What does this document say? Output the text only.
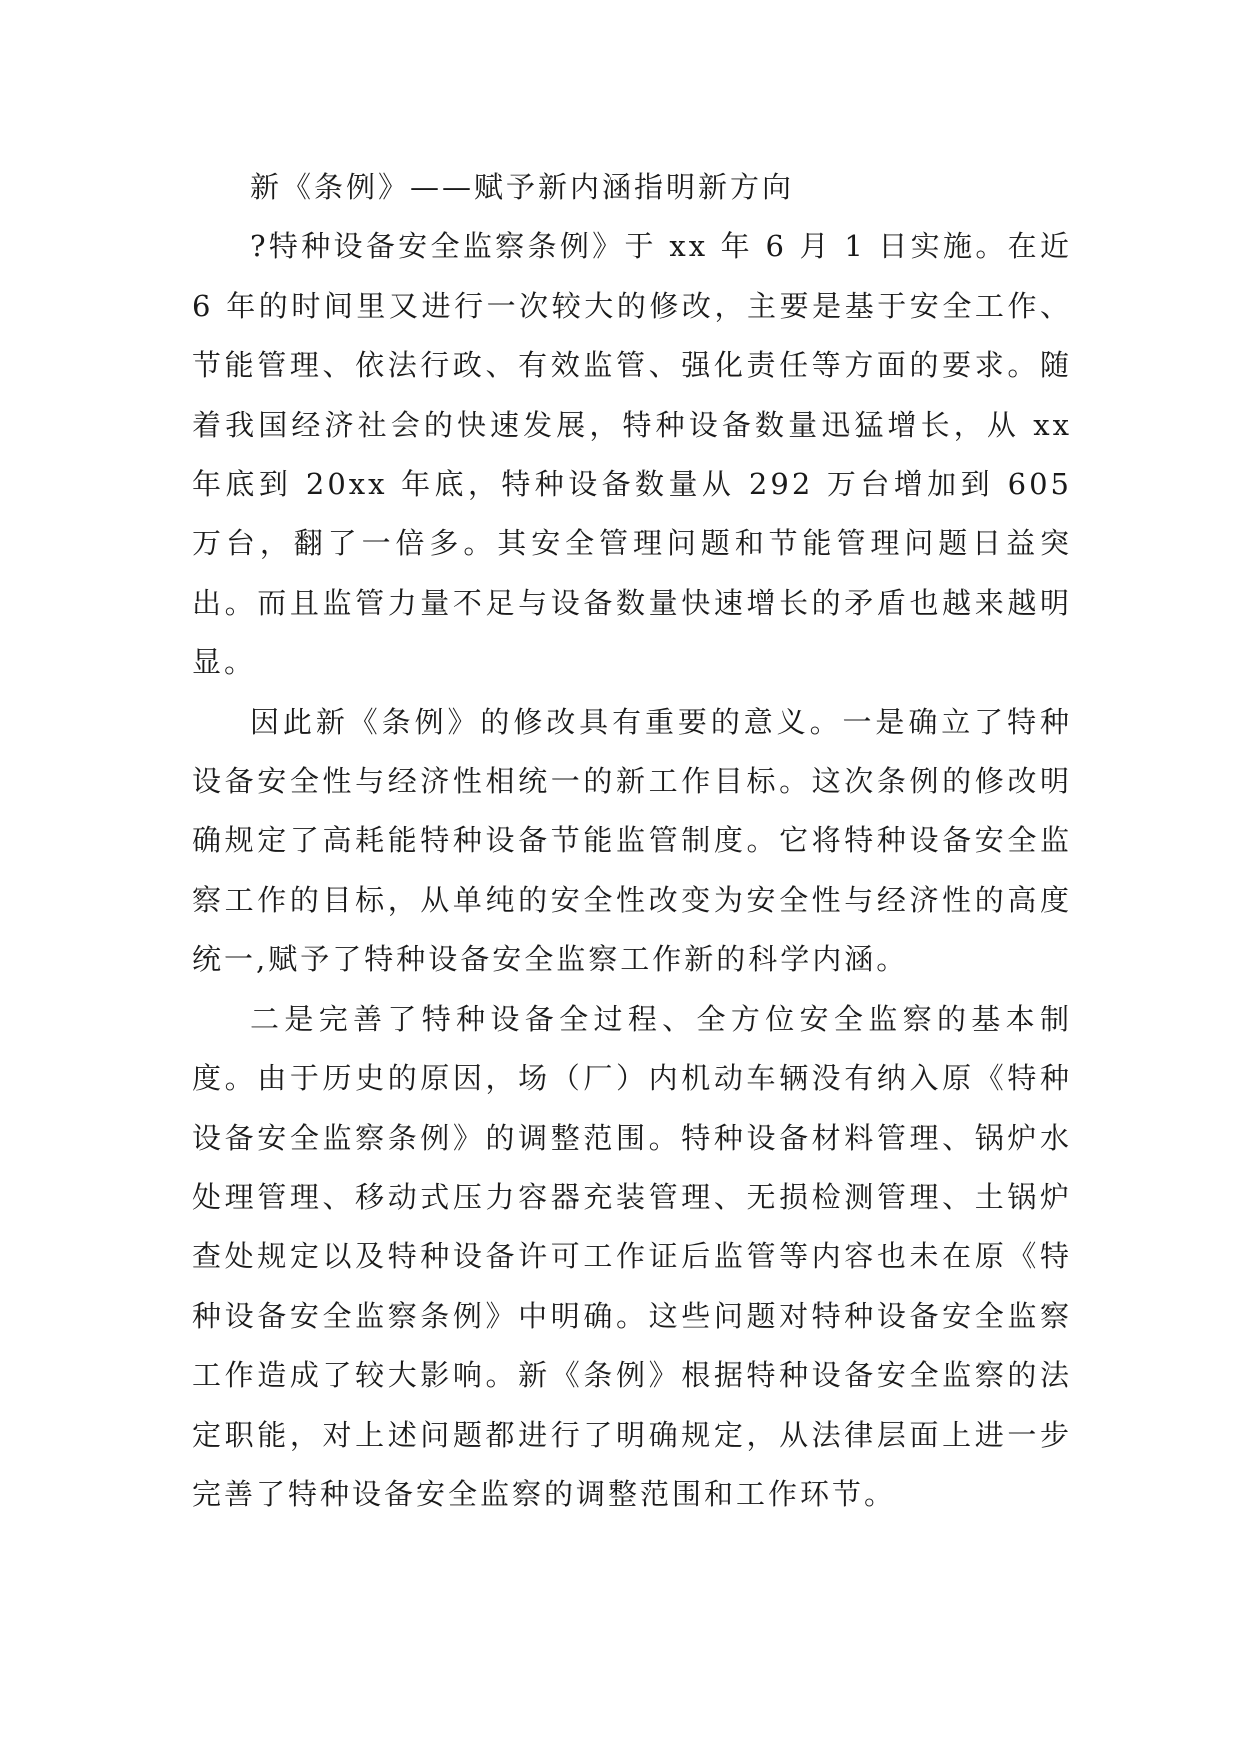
新《条例》——赋予新内涵指明新方向

?特种设备安全监察条例》于 xx 年 6 月 1 日实施。在近 6 年的时间里又进行一次较大的修改，主要是基于安全工作、节能管理、依法行政、有效监管、强化责任等方面的要求。随着我国经济社会的快速发展，特种设备数量迅猛增长，从 xx 年底到 20xx 年底，特种设备数量从 292 万台增加到 605 万台，翻了一倍多。其安全管理问题和节能管理问题日益突出。而且监管力量不足与设备数量快速增长的矛盾也越来越明显。

因此新《条例》的修改具有重要的意义。一是确立了特种设备安全性与经济性相统一的新工作目标。这次条例的修改明确规定了高耗能特种设备节能监管制度。它将特种设备安全监察工作的目标，从单纯的安全性改变为安全性与经济性的高度统一,赋予了特种设备安全监察工作新的科学内涵。

二是完善了特种设备全过程、全方位安全监察的基本制度。由于历史的原因，场（厂）内机动车辆没有纳入原《特种设备安全监察条例》的调整范围。特种设备材料管理、锅炉水处理管理、移动式压力容器充装管理、无损检测管理、土锅炉查处规定以及特种设备许可工作证后监管等内容也未在原《特种设备安全监察条例》中明确。这些问题对特种设备安全监察工作造成了较大影响。新《条例》根据特种设备安全监察的法定职能，对上述问题都进行了明确规定，从法律层面上进一步完善了特种设备安全监察的调整范围和工作环节。
